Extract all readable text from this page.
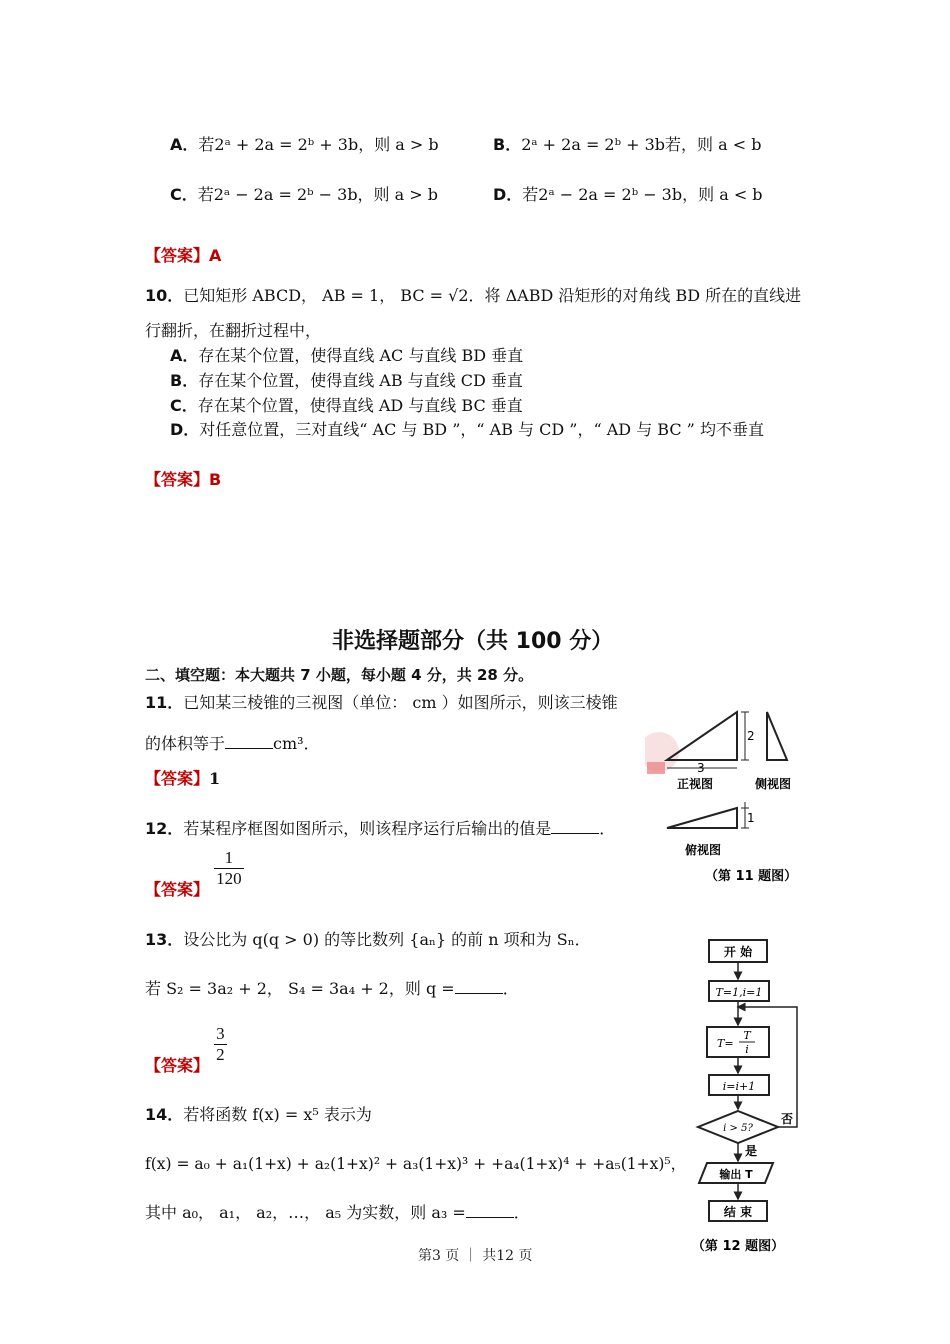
A．若2ᵃ + 2a = 2ᵇ + 3b，则 a > b	B．2ᵃ + 2a = 2ᵇ + 3b若，则 a < b
C．若2ᵃ − 2a = 2ᵇ − 3b，则 a > b	D．若2ᵃ − 2a = 2ᵇ − 3b，则 a < b
【答案】A
10．已知矩形 ABCD， AB = 1， BC = √2．将 ΔABD 沿矩形的对角线 BD 所在的直线进
行翻折，在翻折过程中，
A．存在某个位置，使得直线 AC 与直线 BD 垂直
B．存在某个位置，使得直线 AB 与直线 CD 垂直
C．存在某个位置，使得直线 AD 与直线 BC 垂直
D．对任意位置，三对直线“ AC 与 BD ”，“ AB 与 CD ”，“ AD 与 BC ” 均不垂直
【答案】B
非选择题部分（共 100 分）
二、填空题：本大题共 7 小题，每小题 4 分，共 28 分。
11．已知某三棱锥的三视图（单位： cm ）如图所示，则该三棱锥
的体积等于	cm³．
【答案】1
2
3
正视图	侧视图
1
俯视图
（第 11 题图）
12．若某程序框图如图所示，则该程序运行后输出的值是	．
【答案】
$\frac{1}{120}$
13．设公比为 q(q > 0) 的等比数列 {aₙ} 的前 n 项和为 Sₙ．
若 S₂ = 3a₂ + 2， S₄ = 3a₄ + 2，则 q =	．
【答案】
$\frac{3}{2}$
开 始
T=1,i=1
T=
T
i
i=i+1
i > 5?
否
是
输出 T
结 束
（第 12 题图）
14．若将函数 f(x) = x⁵ 表示为
f(x) = a₀ + a₁(1+x) + a₂(1+x)² + a₃(1+x)³ + +a₄(1+x)⁴ + +a₅(1+x)⁵，
其中 a₀， a₁， a₂，…， a₅ 为实数，则 a₃ =	．
第3 页 ｜ 共12 页
